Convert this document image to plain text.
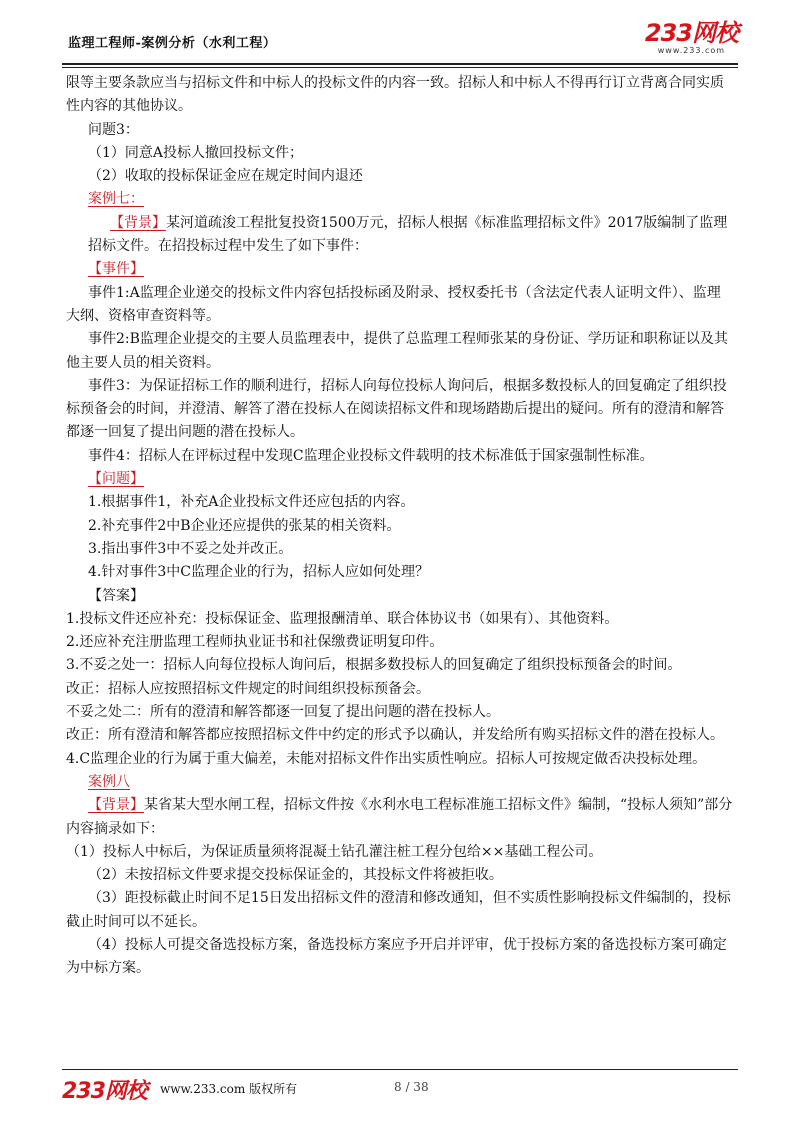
监理工程师-案例分析（水利工程）	233网校
www.233.com

限等主要条款应当与招标文件和中标人的投标文件的内容一致。招标人和中标人不得再行订立背离合同实质性内容的其他协议。

问题3：

（1）同意A投标人撤回投标文件；

（2）收取的投标保证金应在规定时间内退还

案例七：

【背景】某河道疏浚工程批复投资1500万元，招标人根据《标准监理招标文件》2017版编制了监理招标文件。在招投标过程中发生了如下事件：

【事件】

事件1:A监理企业递交的投标文件内容包括投标函及附录、授权委托书（含法定代表人证明文件）、监理大纲、资格审查资料等。

事件2:B监理企业提交的主要人员监理表中，提供了总监理工程师张某的身份证、学历证和职称证以及其他主要人员的相关资料。

事件3：为保证招标工作的顺利进行，招标人向每位投标人询问后，根据多数投标人的回复确定了组织投标预备会的时间，并澄清、解答了潜在投标人在阅读招标文件和现场踏勘后提出的疑问。所有的澄清和解答都逐一回复了提出问题的潜在投标人。

事件4：招标人在评标过程中发现C监理企业投标文件载明的技术标准低于国家强制性标准。

【问题】

1.根据事件1，补充A企业投标文件还应包括的内容。

2.补充事件2中B企业还应提供的张某的相关资料。

3.指出事件3中不妥之处并改正。

4.针对事件3中C监理企业的行为，招标人应如何处理？

【答案】

1.投标文件还应补充：投标保证金、监理报酬清单、联合体协议书（如果有）、其他资料。

2.还应补充注册监理工程师执业证书和社保缴费证明复印件。

3.不妥之处一：招标人向每位投标人询问后，根据多数投标人的回复确定了组织投标预备会的时间。

改正：招标人应按照招标文件规定的时间组织投标预备会。

不妥之处二：所有的澄清和解答都逐一回复了提出问题的潜在投标人。

改正：所有澄清和解答都应按照招标文件中约定的形式予以确认，并发给所有购买招标文件的潜在投标人。

4.C监理企业的行为属于重大偏差，未能对招标文件作出实质性响应。招标人可按规定做否决投标处理。

案例八

【背景】某省某大型水闸工程，招标文件按《水利水电工程标准施工招标文件》编制，“投标人须知”部分内容摘录如下：

（1）投标人中标后，为保证质量须将混凝土钻孔灌注桩工程分包给××基础工程公司。

（2）未按招标文件要求提交投标保证金的，其投标文件将被拒收。

（3）距投标截止时间不足15日发出招标文件的澄清和修改通知，但不实质性影响投标文件编制的，投标截止时间可以不延长。

（4）投标人可提交备选投标方案，备选投标方案应予开启并评审，优于投标方案的备选投标方案可确定为中标方案。

233网校 www.233.com 版权所有	8 / 38
